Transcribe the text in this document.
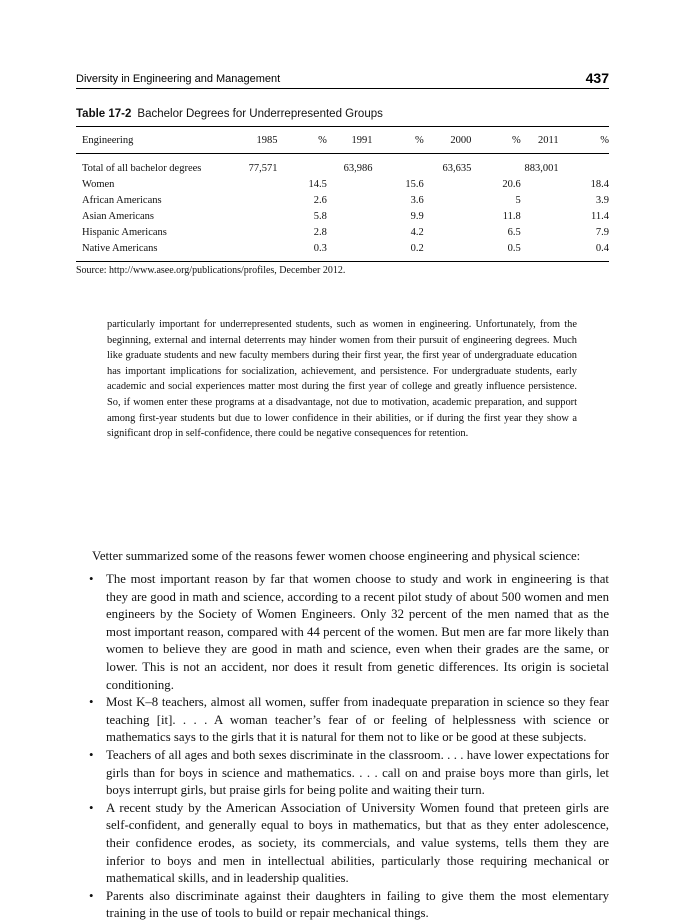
Diversity in Engineering and Management	437
Table 17-2 Bachelor Degrees for Underrepresented Groups
Engineering	1985	%	1991	%	2000	%	2011	%
Total of all bachelor degrees	77,571		63,986		63,635		883,001	
Women		14.5		15.6		20.6		18.4
African Americans		2.6		3.6		5		3.9
Asian Americans		5.8		9.9		11.8		11.4
Hispanic Americans		2.8		4.2		6.5		7.9
Native Americans		0.3		0.2		0.5		0.4
Source: http://www.asee.org/publications/profiles, December 2012.
particularly important for underrepresented students, such as women in engineering. Unfortunately, from the beginning, external and internal deterrents may hinder women from their pursuit of engineering degrees. Much like graduate students and new faculty members during their first year, the first year of undergraduate education has important implications for socialization, achievement, and persistence. For undergraduate students, early academic and social experiences matter most during the first year of college and greatly influence persistence. So, if women enter these programs at a disadvantage, not due to motivation, academic preparation, and support among first-year students but due to lower confidence in their abilities, or if during the first year they show a significant drop in self-confidence, there could be negative consequences for retention.
Vetter summarized some of the reasons fewer women choose engineering and physical science:
• The most important reason by far that women choose to study and work in engineering is that they are good in math and science, according to a recent pilot study of about 500 women and men engineers by the Society of Women Engineers. Only 32 percent of the men named that as the most important reason, compared with 44 percent of the women. But men are far more likely than women to believe they are good in math and science, even when their grades are the same, or lower. This is not an accident, nor does it result from genetic differences. Its origin is societal conditioning.
• Most K–8 teachers, almost all women, suffer from inadequate preparation in science so they fear teaching [it]. . . . A woman teacher’s fear of or feeling of helplessness with science or mathematics says to the girls that it is natural for them not to like or be good at these subjects.
• Teachers of all ages and both sexes discriminate in the classroom. . . . have lower expectations for girls than for boys in science and mathematics. . . . call on and praise boys more than girls, let boys interrupt girls, but praise girls for being polite and waiting their turn.
• A recent study by the American Association of University Women found that preteen girls are self-confident, and generally equal to boys in mathematics, but that as they enter adolescence, their confidence erodes, as society, its commercials, and value systems, tells them they are inferior to boys and men in intellectual abilities, particularly those requiring mechanical or mathematical skills, and in leadership qualities.
• Parents also discriminate against their daughters in failing to give them the most elementary training in the use of tools to build or repair mechanical things.
